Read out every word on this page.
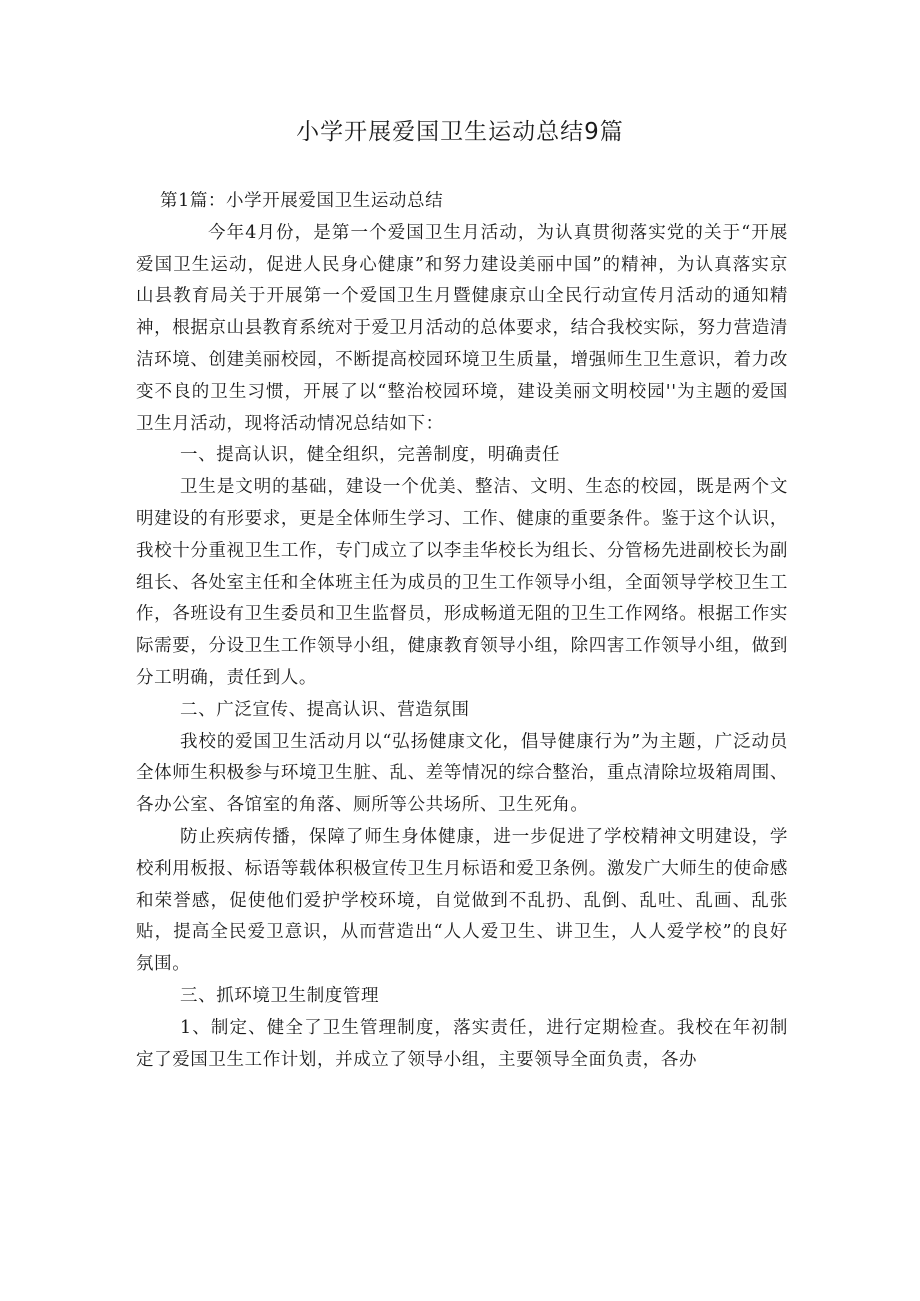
小学开展爱国卫生运动总结9篇

第1篇：小学开展爱国卫生运动总结

今年4月份，是第一个爱国卫生月活动，为认真贯彻落实党的关于“开展爱国卫生运动，促进人民身心健康”和努力建设美丽中国”的精神，为认真落实京山县教育局关于开展第一个爱国卫生月暨健康京山全民行动宣传月活动的通知精神，根据京山县教育系统对于爱卫月活动的总体要求，结合我校实际，努力营造清洁环境、创建美丽校园，不断提高校园环境卫生质量，增强师生卫生意识，着力改变不良的卫生习惯，开展了以“整治校园环境，建设美丽文明校园''为主题的爱国卫生月活动，现将活动情况总结如下：

一、提高认识，健全组织，完善制度，明确责任

卫生是文明的基础，建设一个优美、整洁、文明、生态的校园，既是两个文明建设的有形要求，更是全体师生学习、工作、健康的重要条件。鉴于这个认识，我校十分重视卫生工作，专门成立了以李圭华校长为组长、分管杨先进副校长为副组长、各处室主任和全体班主任为成员的卫生工作领导小组，全面领导学校卫生工作，各班设有卫生委员和卫生监督员，形成畅道无阻的卫生工作网络。根据工作实际需要，分设卫生工作领导小组，健康教育领导小组，除四害工作领导小组，做到分工明确，责任到人。

二、广泛宣传、提高认识、营造氛围

我校的爱国卫生活动月以“弘扬健康文化，倡导健康行为”为主题，广泛动员全体师生积极参与环境卫生脏、乱、差等情况的综合整治，重点清除垃圾箱周围、各办公室、各馆室的角落、厕所等公共场所、卫生死角。

防止疾病传播，保障了师生身体健康，进一步促进了学校精神文明建设，学校利用板报、标语等载体积极宣传卫生月标语和爱卫条例。激发广大师生的使命感和荣誉感，促使他们爱护学校环境，自觉做到不乱扔、乱倒、乱吐、乱画、乱张贴，提高全民爱卫意识，从而营造出“人人爱卫生、讲卫生，人人爱学校”的良好氛围。

三、抓环境卫生制度管理

1、制定、健全了卫生管理制度，落实责任，进行定期检查。我校在年初制定了爱国卫生工作计划，并成立了领导小组，主要领导全面负责，各办
